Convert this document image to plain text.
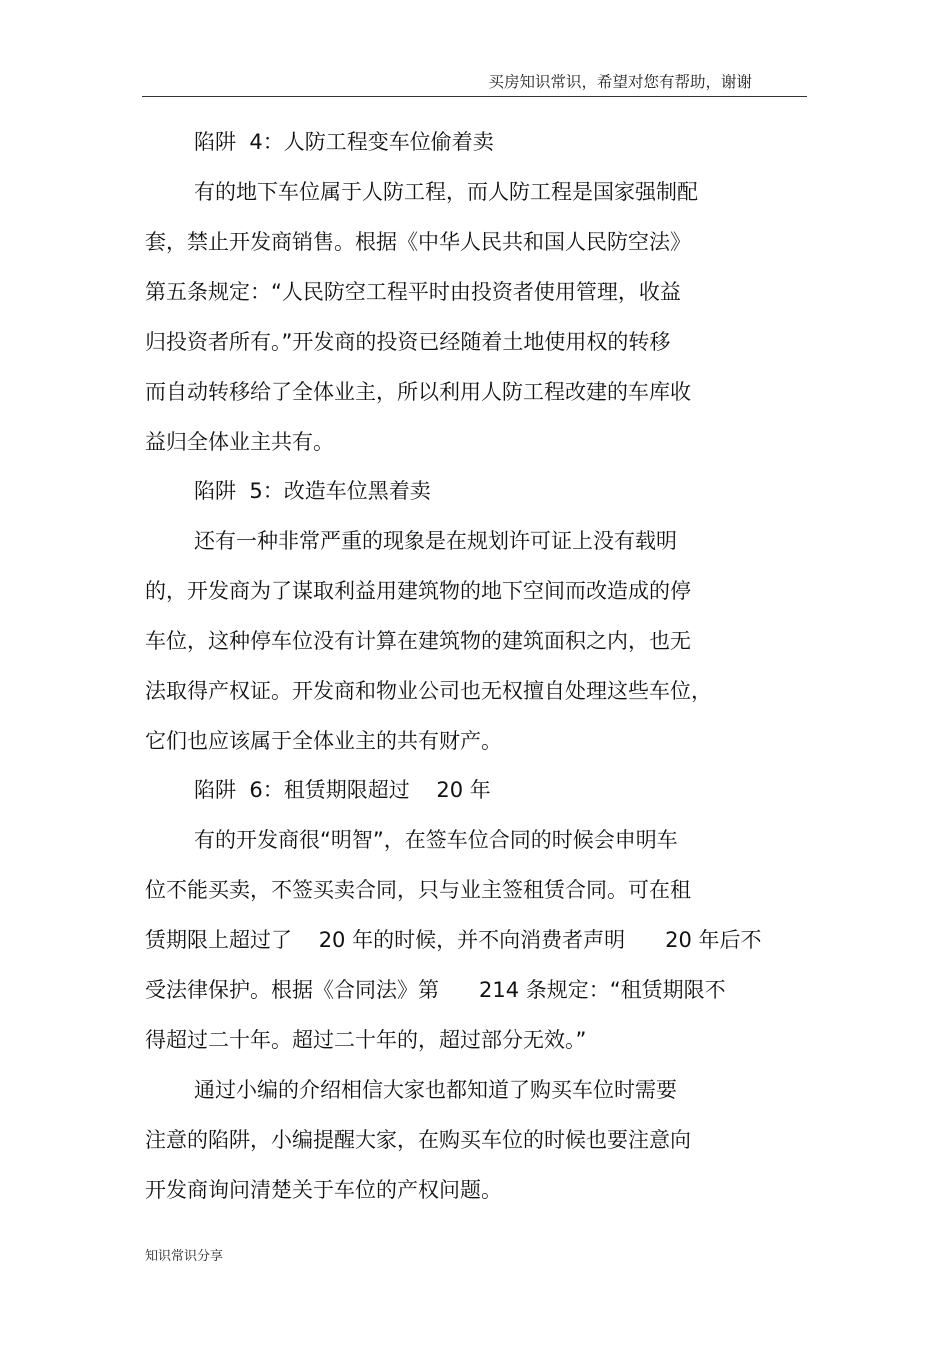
买房知识常识，希望对您有帮助，谢谢
陷阱  4：人防工程变车位偷着卖
有的地下车位属于人防工程，而人防工程是国家强制配
套，禁止开发商销售。根据《中华人民共和国人民防空法》
第五条规定：“人民防空工程平时由投资者使用管理，收益
归投资者所有。”开发商的投资已经随着土地使用权的转移
而自动转移给了全体业主，所以利用人防工程改建的车库收
益归全体业主共有。
陷阱  5：改造车位黑着卖
还有一种非常严重的现象是在规划许可证上没有载明
的，开发商为了谋取利益用建筑物的地下空间而改造成的停
车位，这种停车位没有计算在建筑物的建筑面积之内，也无
法取得产权证。开发商和物业公司也无权擅自处理这些车位，
它们也应该属于全体业主的共有财产。
陷阱  6：租赁期限超过    20 年
有的开发商很“明智”，在签车位合同的时候会申明车
位不能买卖，不签买卖合同，只与业主签租赁合同。可在租
赁期限上超过了    20 年的时候，并不向消费者声明      20 年后不
受法律保护。根据《合同法》第      214 条规定：“租赁期限不
得超过二十年。超过二十年的，超过部分无效。”
通过小编的介绍相信大家也都知道了购买车位时需要
注意的陷阱，小编提醒大家，在购买车位的时候也要注意向
开发商询问清楚关于车位的产权问题。
知识常识分享
